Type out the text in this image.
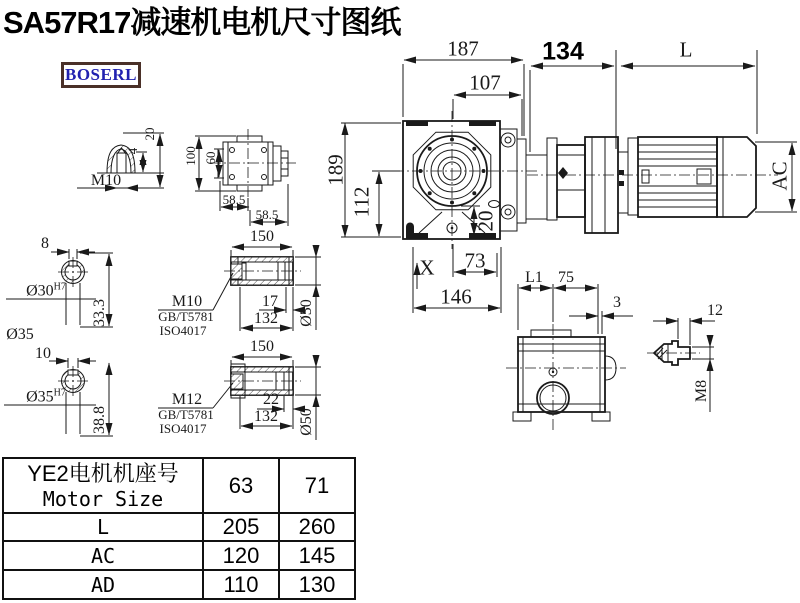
SA57R17减速机电机尺寸图纸
BOSERL
187
107
134	L
AC
189
112
20
X 73
146
M10
4
20
100 60
58.5
58.5
8
$Ø30^{H7}$
33.3
Ø35
10
$Ø35^{H7}$
38.8
150
M10
GB/T5781
ISO4017
17
132 Ø50
150
M12
GB/T5781
ISO4017
22
132 Ø50
L1 75
3	12
M8
YE2电机机座号
Motor Size	63	71
L	205	260
AC	120	145
AD	110	130
